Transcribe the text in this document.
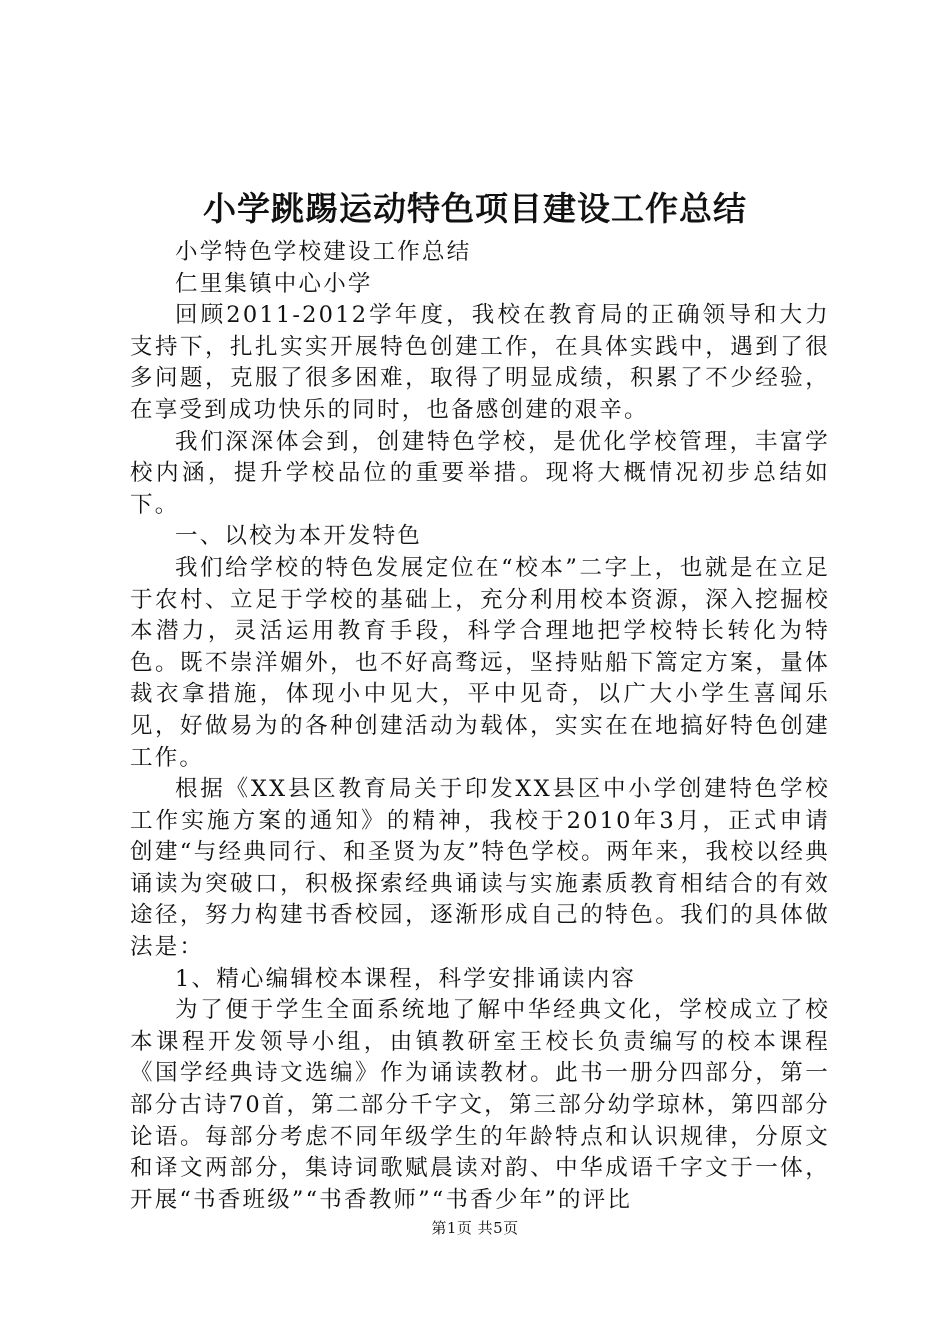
小学跳踢运动特色项目建设工作总结

小学特色学校建设工作总结

仁里集镇中心小学

回顾2011-2012学年度，我校在教育局的正确领导和大力支持下，扎扎实实开展特色创建工作，在具体实践中，遇到了很多问题，克服了很多困难，取得了明显成绩，积累了不少经验，在享受到成功快乐的同时，也备感创建的艰辛。

我们深深体会到，创建特色学校，是优化学校管理，丰富学校内涵，提升学校品位的重要举措。现将大概情况初步总结如下。

一、以校为本开发特色

我们给学校的特色发展定位在“校本”二字上，也就是在立足于农村、立足于学校的基础上，充分利用校本资源，深入挖掘校本潜力，灵活运用教育手段，科学合理地把学校特长转化为特色。既不崇洋媚外，也不好高骛远，坚持贴船下篙定方案，量体裁衣拿措施，体现小中见大，平中见奇，以广大小学生喜闻乐见，好做易为的各种创建活动为载体，实实在在地搞好特色创建工作。

根据《XX县区教育局关于印发XX县区中小学创建特色学校工作实施方案的通知》的精神，我校于2010年3月，正式申请创建“与经典同行、和圣贤为友”特色学校。两年来，我校以经典诵读为突破口，积极探索经典诵读与实施素质教育相结合的有效途径，努力构建书香校园，逐渐形成自己的特色。我们的具体做法是：

1、精心编辑校本课程，科学安排诵读内容

为了便于学生全面系统地了解中华经典文化，学校成立了校本课程开发领导小组，由镇教研室王校长负责编写的校本课程《国学经典诗文选编》作为诵读教材。此书一册分四部分，第一部分古诗70首，第二部分千字文，第三部分幼学琼林，第四部分论语。每部分考虑不同年级学生的年龄特点和认识规律，分原文和译文两部分，集诗词歌赋晨读对韵、中华成语千字文于一体，开展“书香班级”“书香教师”“书香少年”的评比

第1页 共5页
